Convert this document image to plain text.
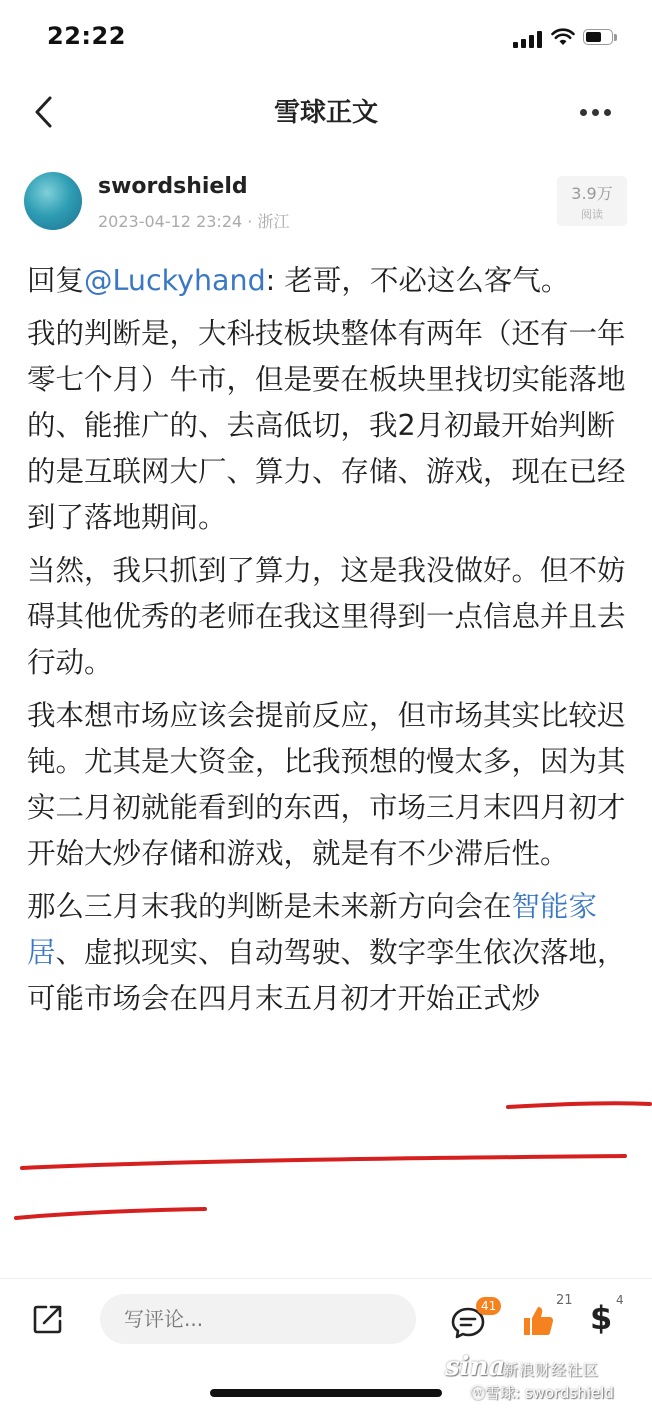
22:22
雪球正文
swordshield
2023-04-12 23:24 · 浙江
3.9万
阅读

回复@Luckyhand: 老哥，不必这么客气。

我的判断是，大科技板块整体有两年（还有一年零七个月）牛市，但是要在板块里找切实能落地的、能推广的、去高低切，我2月初最开始判断的是互联网大厂、算力、存储、游戏，现在已经到了落地期间。

当然，我只抓到了算力，这是我没做好。但不妨碍其他优秀的老师在我这里得到一点信息并且去行动。

我本想市场应该会提前反应，但市场其实比较迟钝。尤其是大资金，比我预想的慢太多，因为其实二月初就能看到的东西，市场三月末四月初才开始大炒存储和游戏，就是有不少滞后性。

那么三月末我的判断是未来新方向会在智能家居、虚拟现实、自动驾驶、数字孪生依次落地，可能市场会在四月末五月初才开始正式炒

写评论...
41	21 $ 4
sina
新浪财经社区
ⓦ雪球: swordshield
